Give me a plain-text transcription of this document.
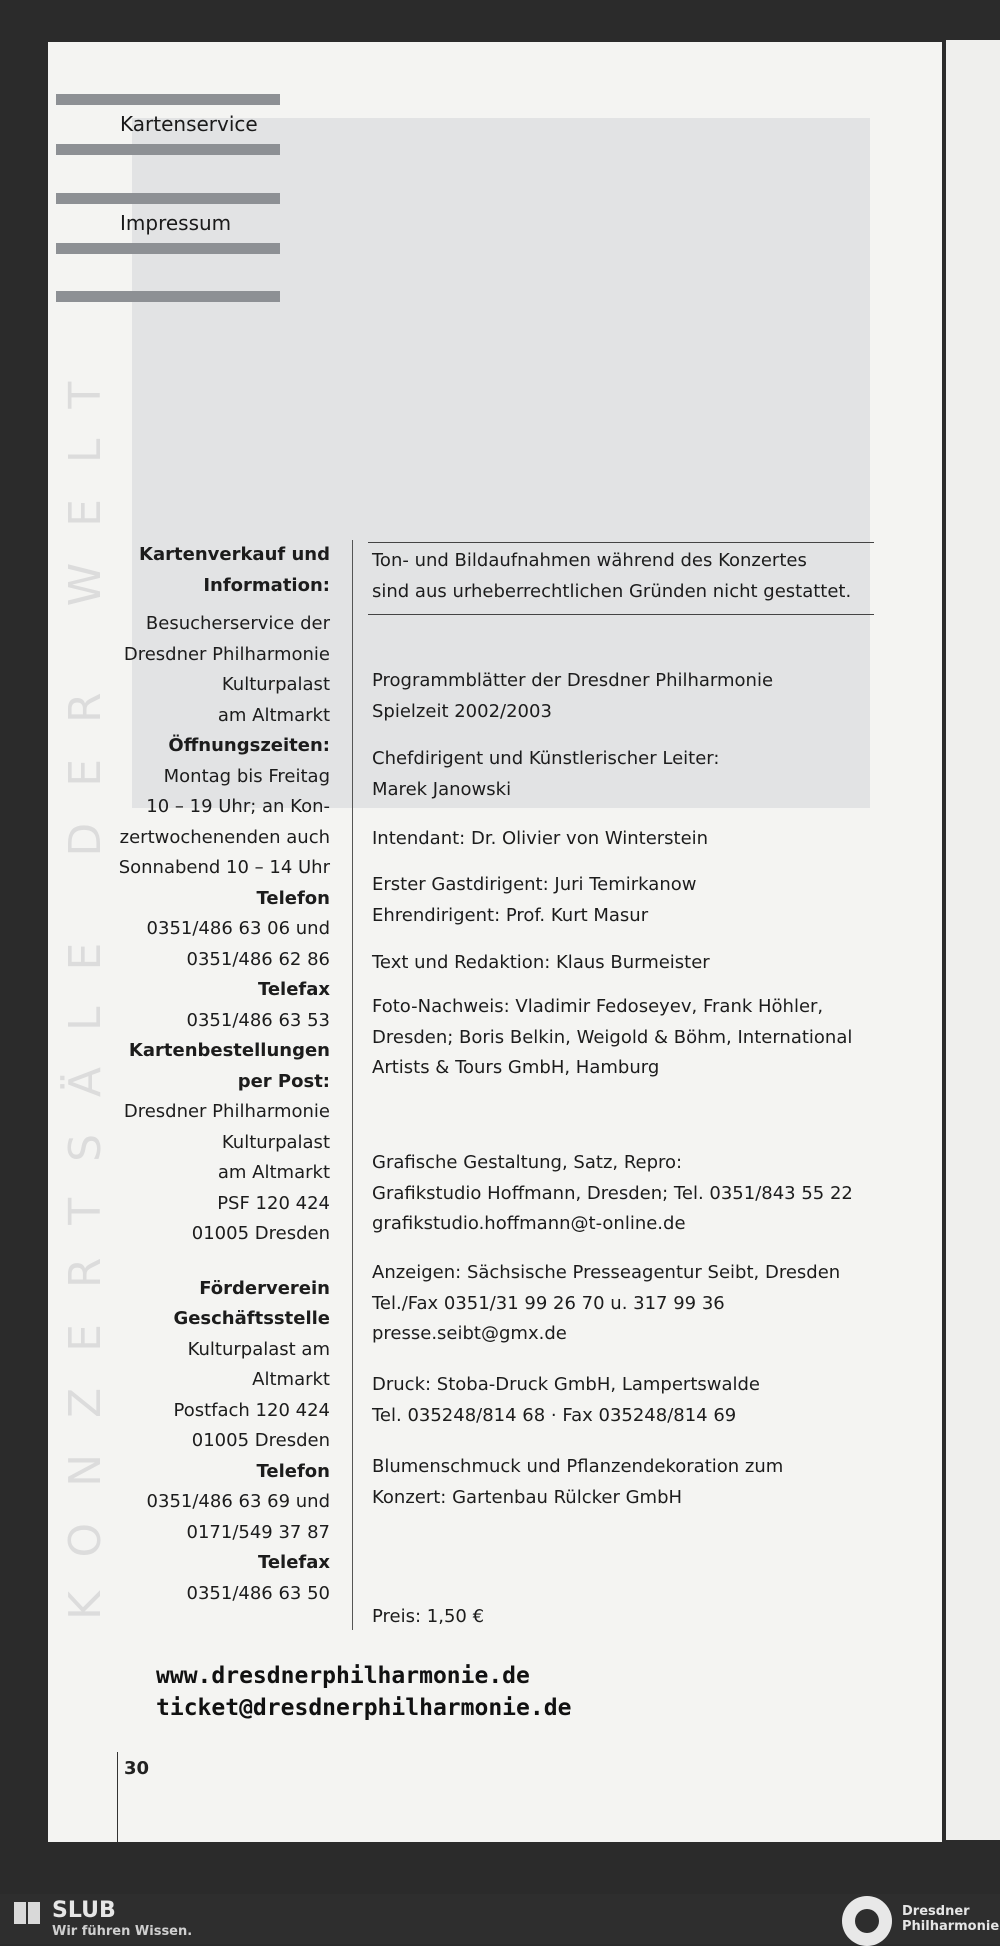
KONZERTSÄLE DER WELT
Kartenservice
Impressum
Kartenverkauf und Information:
Besucherservice der
Dresdner Philharmonie
Kulturpalast
am Altmarkt
Öffnungszeiten:
Montag bis Freitag
10 – 19 Uhr; an Kon-
zertwochenenden auch
Sonnabend 10 – 14 Uhr
Telefon
0351/486 63 06 und
0351/486 62 86
Telefax
0351/486 63 53
Kartenbestellungen per Post:
Dresdner Philharmonie
Kulturpalast
am Altmarkt
PSF 120 424
01005 Dresden
Förderverein Geschäftsstelle
Kulturpalast am
Altmarkt
Postfach 120 424
01005 Dresden
Telefon
0351/486 63 69 und
0171/549 37 87
Telefax
0351/486 63 50
Ton- und Bildaufnahmen während des Konzertes
sind aus urheberrechtlichen Gründen nicht gestattet.
Programmblätter der Dresdner Philharmonie
Spielzeit 2002/2003
Chefdirigent und Künstlerischer Leiter:
Marek Janowski
Intendant: Dr. Olivier von Winterstein
Erster Gastdirigent: Juri Temirkanow
Ehrendirigent: Prof. Kurt Masur
Text und Redaktion: Klaus Burmeister
Foto-Nachweis: Vladimir Fedoseyev, Frank Höhler,
Dresden; Boris Belkin, Weigold & Böhm, International
Artists & Tours GmbH, Hamburg
Grafische Gestaltung, Satz, Repro:
Grafikstudio Hoffmann, Dresden; Tel. 0351/843 55 22
grafikstudio.hoffmann@t-online.de
Anzeigen: Sächsische Presseagentur Seibt, Dresden
Tel./Fax 0351/31 99 26 70 u. 317 99 36
presse.seibt@gmx.de
Druck: Stoba-Druck GmbH, Lampertswalde
Tel. 035248/814 68 · Fax 035248/814 69
Blumenschmuck und Pflanzendekoration zum
Konzert: Gartenbau Rülcker GmbH
Preis: 1,50 €
www.dresdnerphilharmonie.de
ticket@dresdnerphilharmonie.de
30
SLUB
Wir führen Wissen.
Dresdner
Philharmonie
